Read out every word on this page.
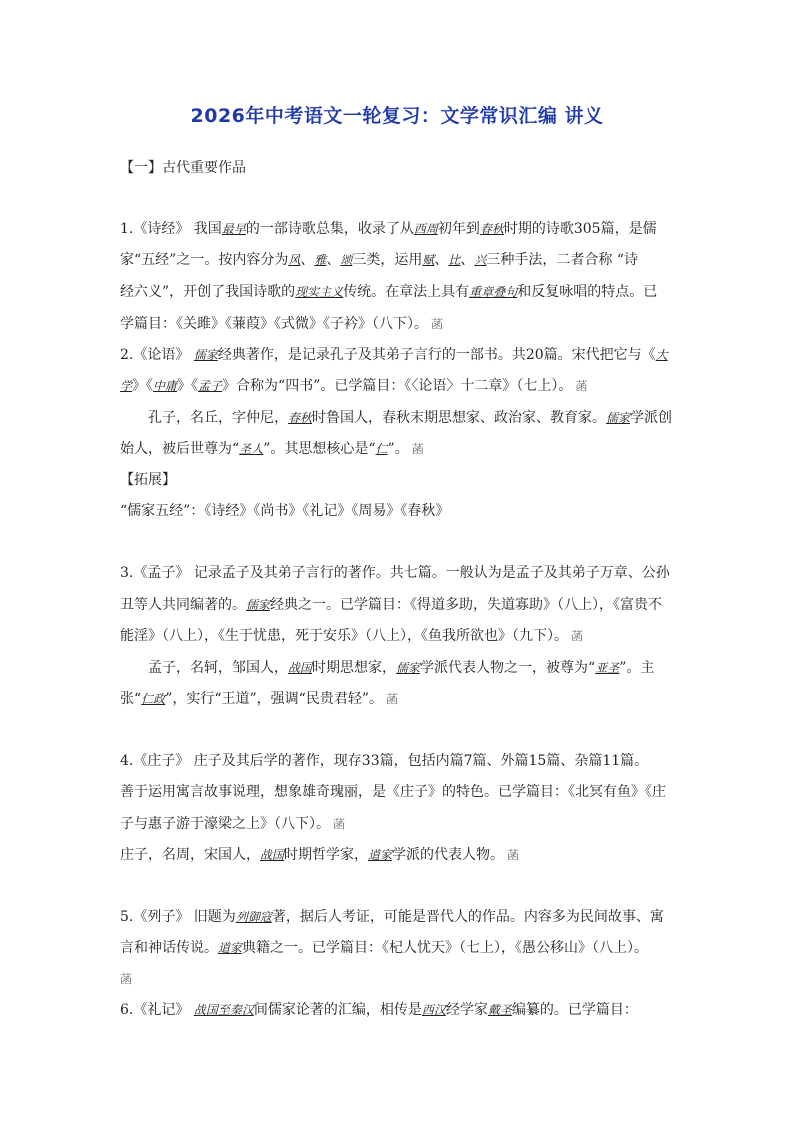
2026年中考语文一轮复习：文学常识汇编 讲义
【一】古代重要作品
1.《诗经》 我国最早的一部诗歌总集，收录了从西周初年到春秋时期的诗歌305篇，是儒
家“五经”之一。按内容分为风、雅、颂三类，运用赋、比、兴三种手法，二者合称 “诗
经六义”，开创了我国诗歌的现实主义传统。在章法上具有重章叠句和反复咏唱的特点。已
学篇目：《关雎》《蒹葭》《式微》《子衿》（八下）。 菡
2.《论语》 儒家经典著作，是记录孔子及其弟子言行的一部书。共20篇。宋代把它与《大
学》《中庸》《孟子》合称为“四书”。已学篇目：《〈论语〉十二章》（七上）。 菡
孔子，名丘，字仲尼，春秋时鲁国人，春秋末期思想家、政治家、教育家。儒家学派创
始人，被后世尊为“圣人”。其思想核心是“仁”。 菡
【拓展】
“儒家五经”：《诗经》《尚书》《礼记》《周易》《春秋》
3.《孟子》 记录孟子及其弟子言行的著作。共七篇。一般认为是孟子及其弟子万章、公孙
丑等人共同编著的。儒家经典之一。已学篇目：《得道多助，失道寡助》（八上），《富贵不
能淫》（八上），《生于忧患，死于安乐》（八上），《鱼我所欲也》（九下）。 菡
孟子，名轲，邹国人，战国时期思想家，儒家学派代表人物之一，被尊为“亚圣”。主
张“仁政”，实行“王道”，强调“民贵君轻”。 菡
4.《庄子》 庄子及其后学的著作，现存33篇，包括内篇7篇、外篇15篇、杂篇11篇。
善于运用寓言故事说理，想象雄奇瑰丽，是《庄子》的特色。已学篇目：《北冥有鱼》《庄
子与惠子游于濠梁之上》（八下）。 菡
庄子，名周，宋国人，战国时期哲学家，道家学派的代表人物。 菡
5.《列子》 旧题为列御寇著，据后人考证，可能是晋代人的作品。内容多为民间故事、寓
言和神话传说。道家典籍之一。已学篇目：《杞人忧天》（七上），《愚公移山》（八上）。
菡
6.《礼记》 战国至秦汉间儒家论著的汇编，相传是西汉经学家戴圣编纂的。已学篇目：
